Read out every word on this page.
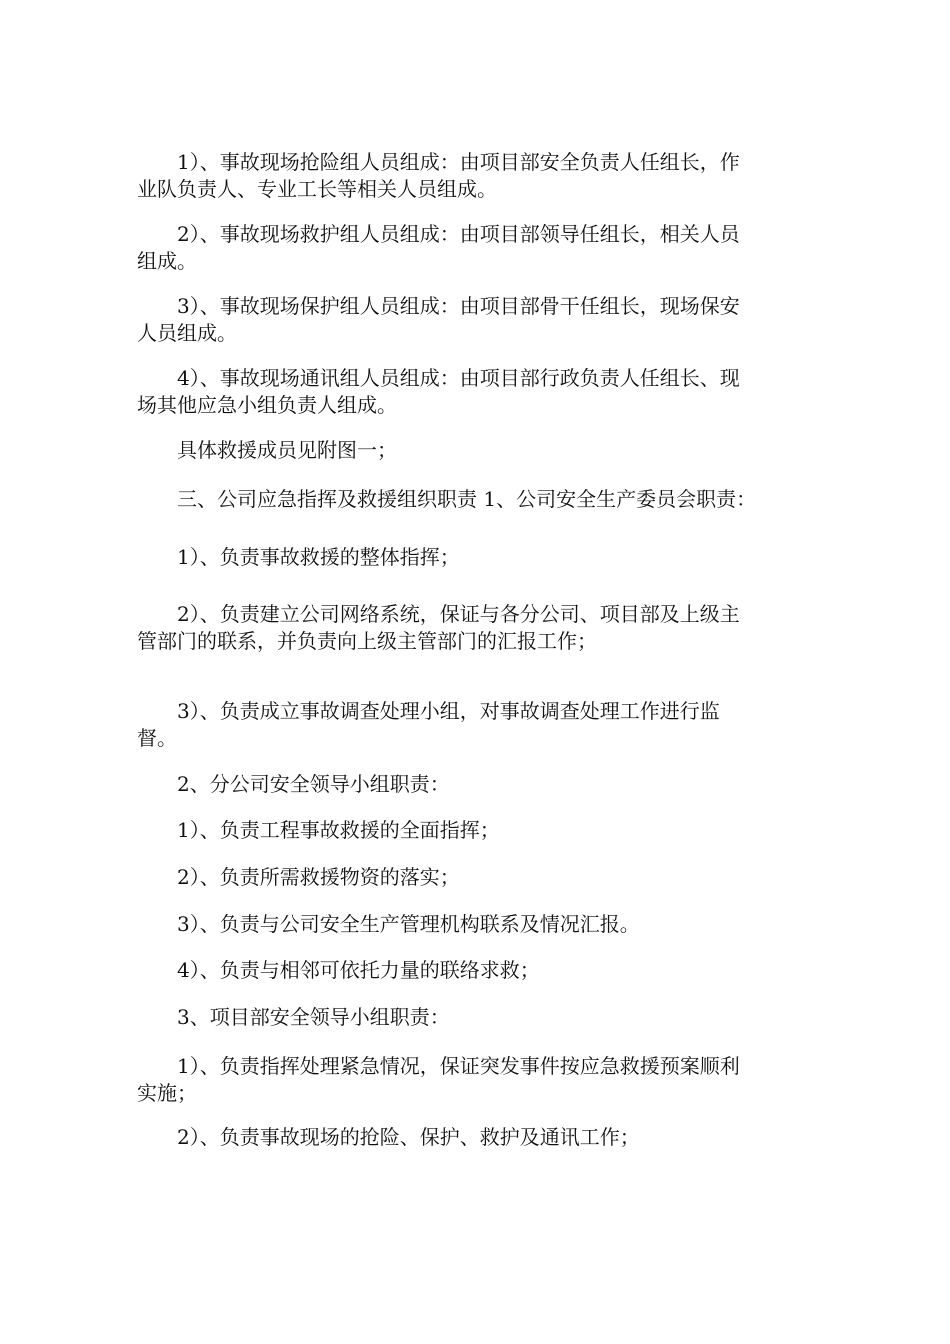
1）、事故现场抢险组人员组成：由项目部安全负责人任组长，作
业队负责人、专业工长等相关人员组成。
2）、事故现场救护组人员组成：由项目部领导任组长，相关人员
组成。
3）、事故现场保护组人员组成：由项目部骨干任组长，现场保安
人员组成。
4）、事故现场通讯组人员组成：由项目部行政负责人任组长、现
场其他应急小组负责人组成。
具体救援成员见附图一；
三、公司应急指挥及救援组织职责 1、公司安全生产委员会职责：
1）、负责事故救援的整体指挥；
2）、负责建立公司网络系统，保证与各分公司、项目部及上级主
管部门的联系，并负责向上级主管部门的汇报工作；
3）、负责成立事故调查处理小组，对事故调查处理工作进行监
督。
2、分公司安全领导小组职责：
1）、负责工程事故救援的全面指挥；
2）、负责所需救援物资的落实；
3）、负责与公司安全生产管理机构联系及情况汇报。
4）、负责与相邻可依托力量的联络求救；
3、项目部安全领导小组职责：
1）、负责指挥处理紧急情况，保证突发事件按应急救援预案顺利
实施；
2）、负责事故现场的抢险、保护、救护及通讯工作；
